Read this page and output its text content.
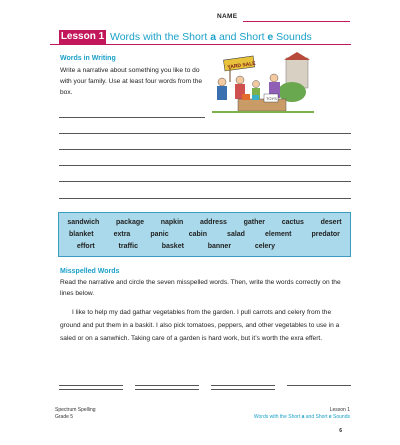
NAME
Lesson 1 Words with the Short a and Short e Sounds
Words in Writing
Write a narrative about something you like to do with your family. Use at least four words from the box.
YARD SALE
TOYS
sandwich package napkin address gather cactus desert
blanket	extra	panic	cabin	salad	element	predator
effort	traffic	basket	banner	celery
Misspelled Words
Read the narrative and circle the seven misspelled words. Then, write the words correctly on the lines below.
I like to help my dad gathar vegetables from the garden. I pull carrots and celery from the ground and put them in a baskit. I also pick tomatoes, peppers, and other vegetables to use in a saled or on a sanwhich. Taking care of a garden is hard work, but it’s worth the exra effert.
Spectrum Spelling
Grade 5
Lesson 1
Words with the Short a and Short e Sounds
6
